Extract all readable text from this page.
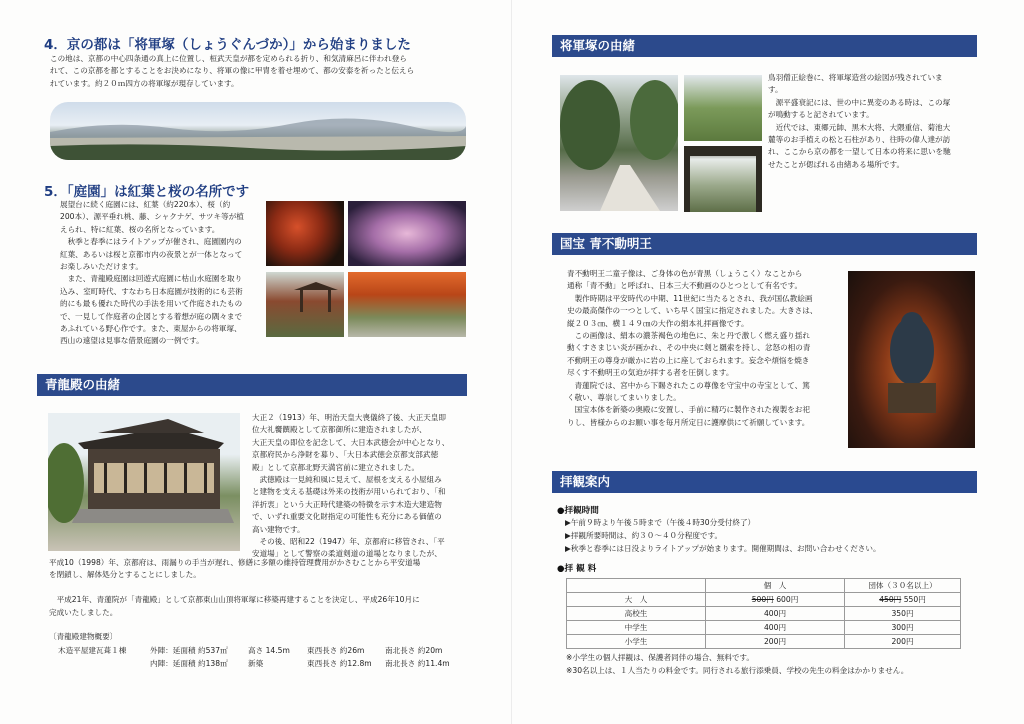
4．京の都は「将軍塚（しょうぐんづか）」から始まりました
この地は、京都の中心四条通の真上に位置し、桓武天皇が都を定められる折り、和気清麻呂に伴われ登ら
れて、この京都を都とすることをお決めになり、将軍の像に甲冑を着せ埋めて、都の安泰を祈ったと伝えら
れています。約２０ｍ四方の将軍塚が現存しています。
5．「庭園」は紅葉と桜の名所です
展望台に続く庭園には、紅葉（約220本）、桜（約
200本）、源平垂れ桃、藤、シャクナゲ、サツキ等が植
えられ、特に紅葉、桜の名所となっています。
　秋季と春季にはライトアップが催され、庭園園内の
紅葉、あるいは桜と京都市内の夜景とが一体となって
お楽しみいただけます。
　また、青龍殿庭園は回遊式庭園に枯山水庭園を取り
込み、室町時代、すなわち日本庭園が技術的にも芸術
的にも最も優れた時代の手法を用いて作庭されたもの
で、一見して作庭者の企図とする着想が庭の隅々まで
あふれている野心作です。また、東屋からの将軍塚、
西山の遠望は見事な借景庭園の一例です。
青龍殿の由緒
大正２（1913）年、明治天皇大喪儀終了後、大正天皇即
位大礼饗饌殿として京都御所に建造されましたが、
大正天皇の即位を記念して、大日本武徳会が中心となり、
京都府民から浄財を募り、「大日本武徳会京都支部武徳
殿」として京都北野天満宮前に建立されました。
　武徳殿は一見純和風に見えて、屋根を支える小屋組み
と建物を支える基礎は外来の技術が用いられており、「和
洋折衷」という大正時代建築の特徴を示す木造大建造物
で、いずれ重要文化財指定の可能性も充分にある価値の
高い建物です。
　その後、昭和22（1947）年、京都府に移管され、「平
安道場」として警察の柔道剣道の道場となりましたが、
平成10（1998）年、京都府は、雨漏りの手当が遅れ、修繕に多額の維持管理費用がかさむことから平安道場
を閉鎖し、解体処分とすることにしました。

　平成21年、青蓮院が「青龍殿」として京都東山山頂将軍塚に移築再建することを決定し、平成26年10月に
完成いたしました。
〔青龍殿建物概要〕
木造平屋建瓦葺１棟	外陣：延面積 約537㎡	高さ 14.5m 東西長さ 約26m	南北長さ 約20m
内陣：延面積 約138㎡	新築	東西長さ 約12.8m 南北長さ 約11.4m
将軍塚の由緒
鳥羽僧正絵巻に、将軍塚造営の絵図が残されていま
す。
　源平盛衰記には、世の中に異変のある時は、この塚
が鳴動すると記されています。
　近代では、東郷元帥、黒木大将、大隈重信、菊池大
麓等のお手植えの松と石柱があり、往時の偉人達が訪
れ、ここから京の都を一望して日本の将来に思いを馳
せたことが偲ばれる由緒ある場所です。
国宝 青不動明王
青不動明王二童子像は、ご身体の色が青黒（しょうこく）なことから
通称「青不動」と呼ばれ、日本三大不動画のひとつとして有名です。
　製作時期は平安時代の中期、11世紀に当たるとされ、我が国仏教絵画
史の最高傑作の一つとして、いち早く国宝に指定されました。大きさは、
縦２０３㎝、横１４９㎝の大作の絹本礼拝画像です。
　この画像は、絹本の濃茶褐色の地色に、朱と丹で激しく燃え盛り揺れ
動くすさまじい炎が画かれ、その中央に剣と羂索を持し、忿怒の相の青
不動明王の尊身が厳かに岩の上に座しておられます。妄念や煩悩を焼き
尽くす不動明王の気迫が拝する者を圧倒します。
　青蓮院では、宮中から下賜されたこの尊像を守宝中の寺宝として、篤
く敬い、尊崇してまいりました。
　国宝本体を新築の奥殿に安置し、手前に精巧に製作された複製をお祀
りし、皆様からのお願い事を毎月所定日に護摩供にて祈願しています。
拝観案内
●拝観時間
▶午前９時より午後５時まで（午後４時30分受付終了）
▶拝観所要時間は、約３０～４０分程度です。
▶秋季と春季には日没よりライトアップが始まります。開催期間は、お問い合わせください。
●拝 観 料
	個　人	団体（３０名以上）
大　人	500円 600円	450円 550円
高校生	400円	350円
中学生	400円	300円
小学生	200円	200円
※小学生の個人拝観は、保護者同伴の場合、無料です。
※30名以上は、１人当たりの料金です。同行される旅行添乗員、学校の先生の料金はかかりません。
